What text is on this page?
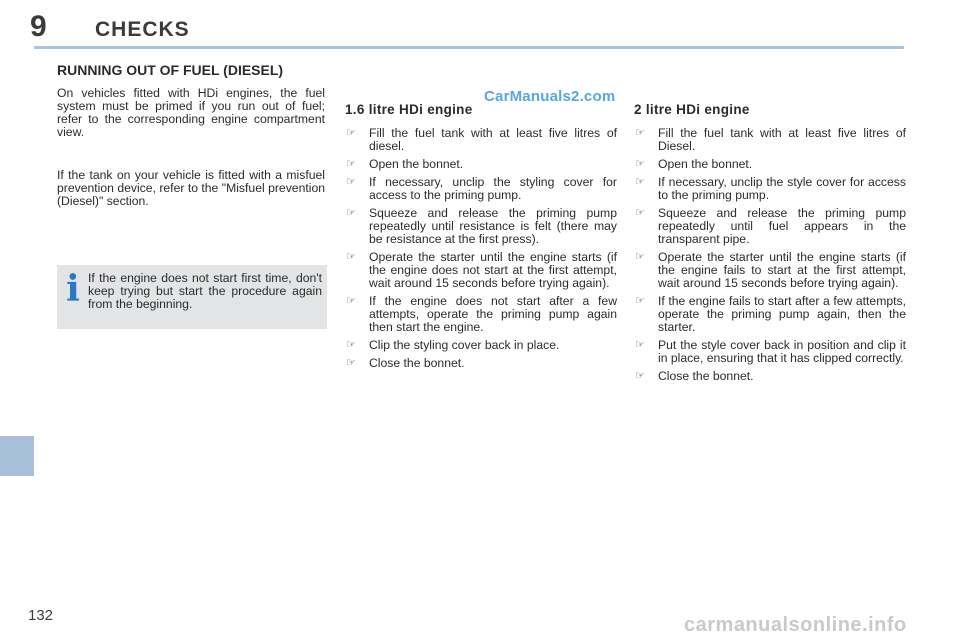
9 CHECKS
CarManuals2.com
RUNNING OUT OF FUEL (DIESEL)

On vehicles fitted with HDi engines, the fuel system must be primed if you run out of fuel; refer to the corresponding engine compartment view.

If the tank on your vehicle is fitted with a misfuel prevention device, refer to the "Misfuel prevention (Diesel)" section.

i If the engine does not start first time, don't keep trying but start the procedure again from the beginning.
1.6 litre HDi engine
☞ Fill the fuel tank with at least five litres of diesel.
☞ Open the bonnet.
☞ If necessary, unclip the styling cover for access to the priming pump.
☞ Squeeze and release the priming pump repeatedly until resistance is felt (there may be resistance at the first press).
☞ Operate the starter until the engine starts (if the engine does not start at the first attempt, wait around 15 seconds before trying again).
☞ If the engine does not start after a few attempts, operate the priming pump again then start the engine.
☞ Clip the styling cover back in place.
☞ Close the bonnet.
2 litre HDi engine
☞ Fill the fuel tank with at least five litres of Diesel.
☞ Open the bonnet.
☞ If necessary, unclip the style cover for access to the priming pump.
☞ Squeeze and release the priming pump repeatedly until fuel appears in the transparent pipe.
☞ Operate the starter until the engine starts (if the engine fails to start at the first attempt, wait around 15 seconds before trying again).
☞ If the engine fails to start after a few attempts, operate the priming pump again, then the starter.
☞ Put the style cover back in position and clip it in place, ensuring that it has clipped correctly.
☞ Close the bonnet.
132	carmanualsonline.info
